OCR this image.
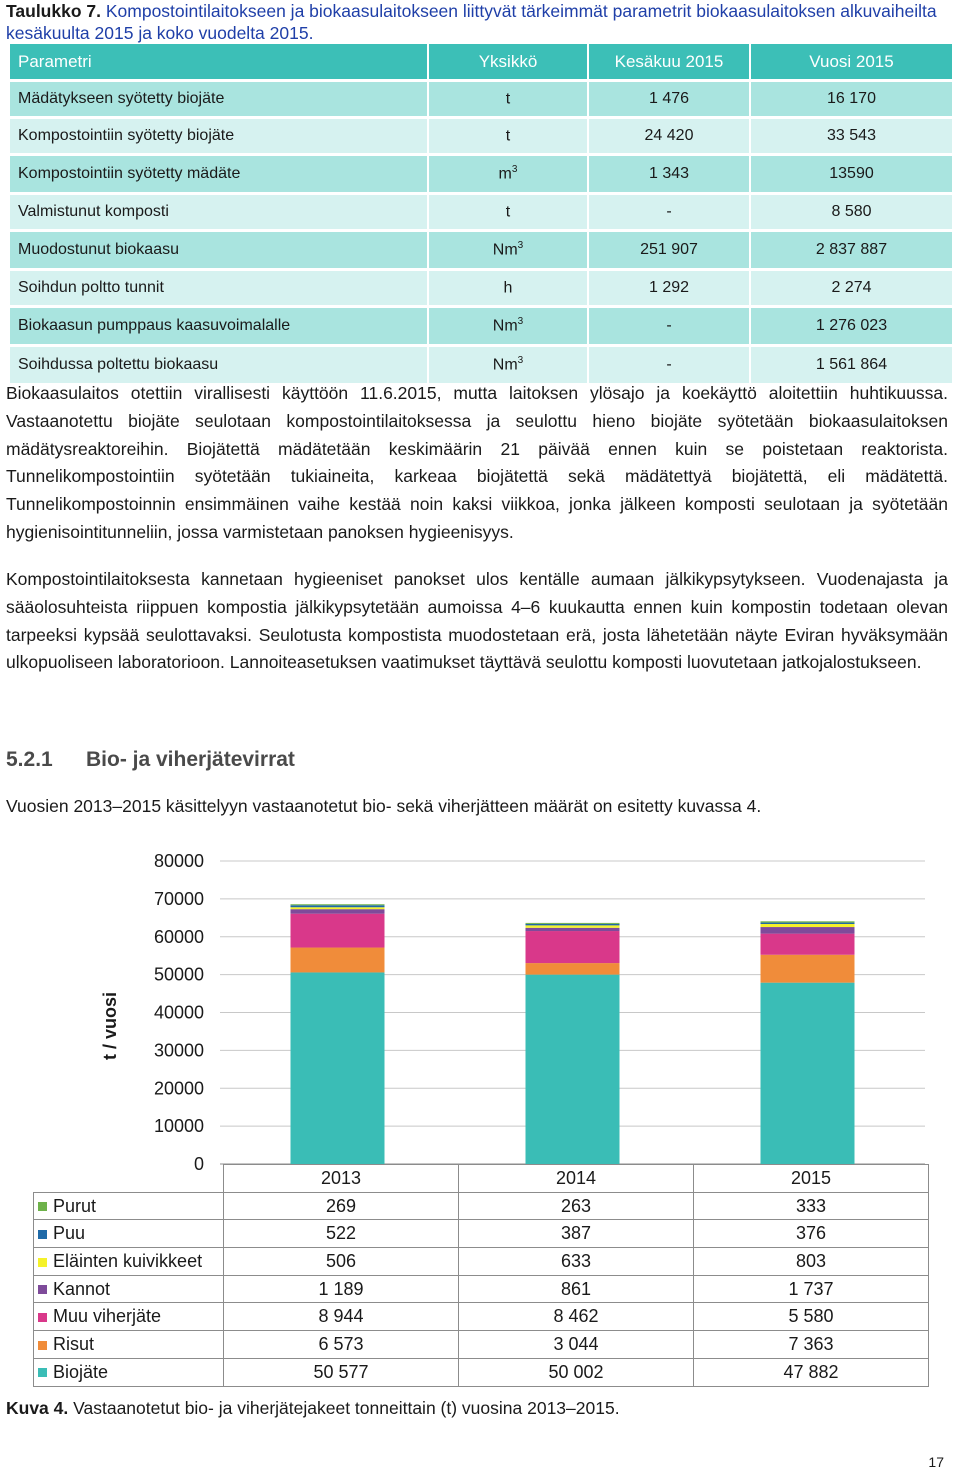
Taulukko 7. Kompostointilaitokseen ja biokaasulaitokseen liittyvät tärkeimmät parametrit biokaasulaitoksen alkuvaiheilta kesäkuulta 2015 ja koko vuodelta 2015.
Parametri	Yksikkö	Kesäkuu 2015	Vuosi 2015
Mädätykseen syötetty biojäte	t	1 476	16 170
Kompostointiin syötetty biojäte	t	24 420	33 543
Kompostointiin syötetty mädäte	$m^3$	1 343	13590
Valmistunut komposti	t	-	8 580
Muodostunut biokaasu	Nm$^3$	251 907	2 837 887
Soihdun poltto tunnit	h	1 292	2 274
Biokaasun pumppaus kaasuvoimalalle	Nm$^3$	-	1 276 023
Soihdussa poltettu biokaasu	Nm$^3$	-	1 561 864
Biokaasulaitos otettiin virallisesti käyttöön 11.6.2015, mutta laitoksen ylösajo ja koekäyttö aloitettiin huhtikuussa. Vastaanotettu biojäte seulotaan kompostointilaitoksessa ja seulottu hieno biojäte syötetään biokaasulaitoksen mädätysreaktoreihin. Biojätettä mädätetään keskimäärin 21 päivää ennen kuin se poistetaan reaktorista. Tunnelikompostointiin syötetään tukiaineita, karkeaa biojätettä sekä mädätettyä biojätettä, eli mädätettä. Tunnelikompostoinnin ensimmäinen vaihe kestää noin kaksi viikkoa, jonka jälkeen komposti seulotaan ja syötetään hygienisointitunneliin, jossa varmistetaan panoksen hygieenisyys.
Kompostointilaitoksesta kannetaan hygieeniset panokset ulos kentälle aumaan jälkikypsytykseen. Vuodenajasta ja sääolosuhteista riippuen kompostia jälkikypsytetään aumoissa 4–6 kuukautta ennen kuin kompostin todetaan olevan tarpeeksi kypsää seulottavaksi. Seulotusta kompostista muodostetaan erä, josta lähetetään näyte Eviran hyväksymään ulkopuoliseen laboratorioon. Lannoiteasetuksen vaatimukset täyttävä seulottu komposti luovutetaan jatkojalostukseen.
5.2.1 Bio- ja viherjätevirrat
Vuosien 2013–2015 käsittelyyn vastaanotetut bio- sekä viherjätteen määrät on esitetty kuvassa 4.
0
10000
20000
30000
40000
50000
60000
70000
80000
t / vuosi
	2013	2014	2015
Purut	269	263	333
Puu	522	387	376
Eläinten kuivikkeet	506	633	803
Kannot	1 189	861	1 737
Muu viherjäte	8 944	8 462	5 580
Risut	6 573	3 044	7 363
Biojäte	50 577	50 002	47 882
Kuva 4. Vastaanotetut bio- ja viherjätejakeet tonneittain (t) vuosina 2013–2015.
17
